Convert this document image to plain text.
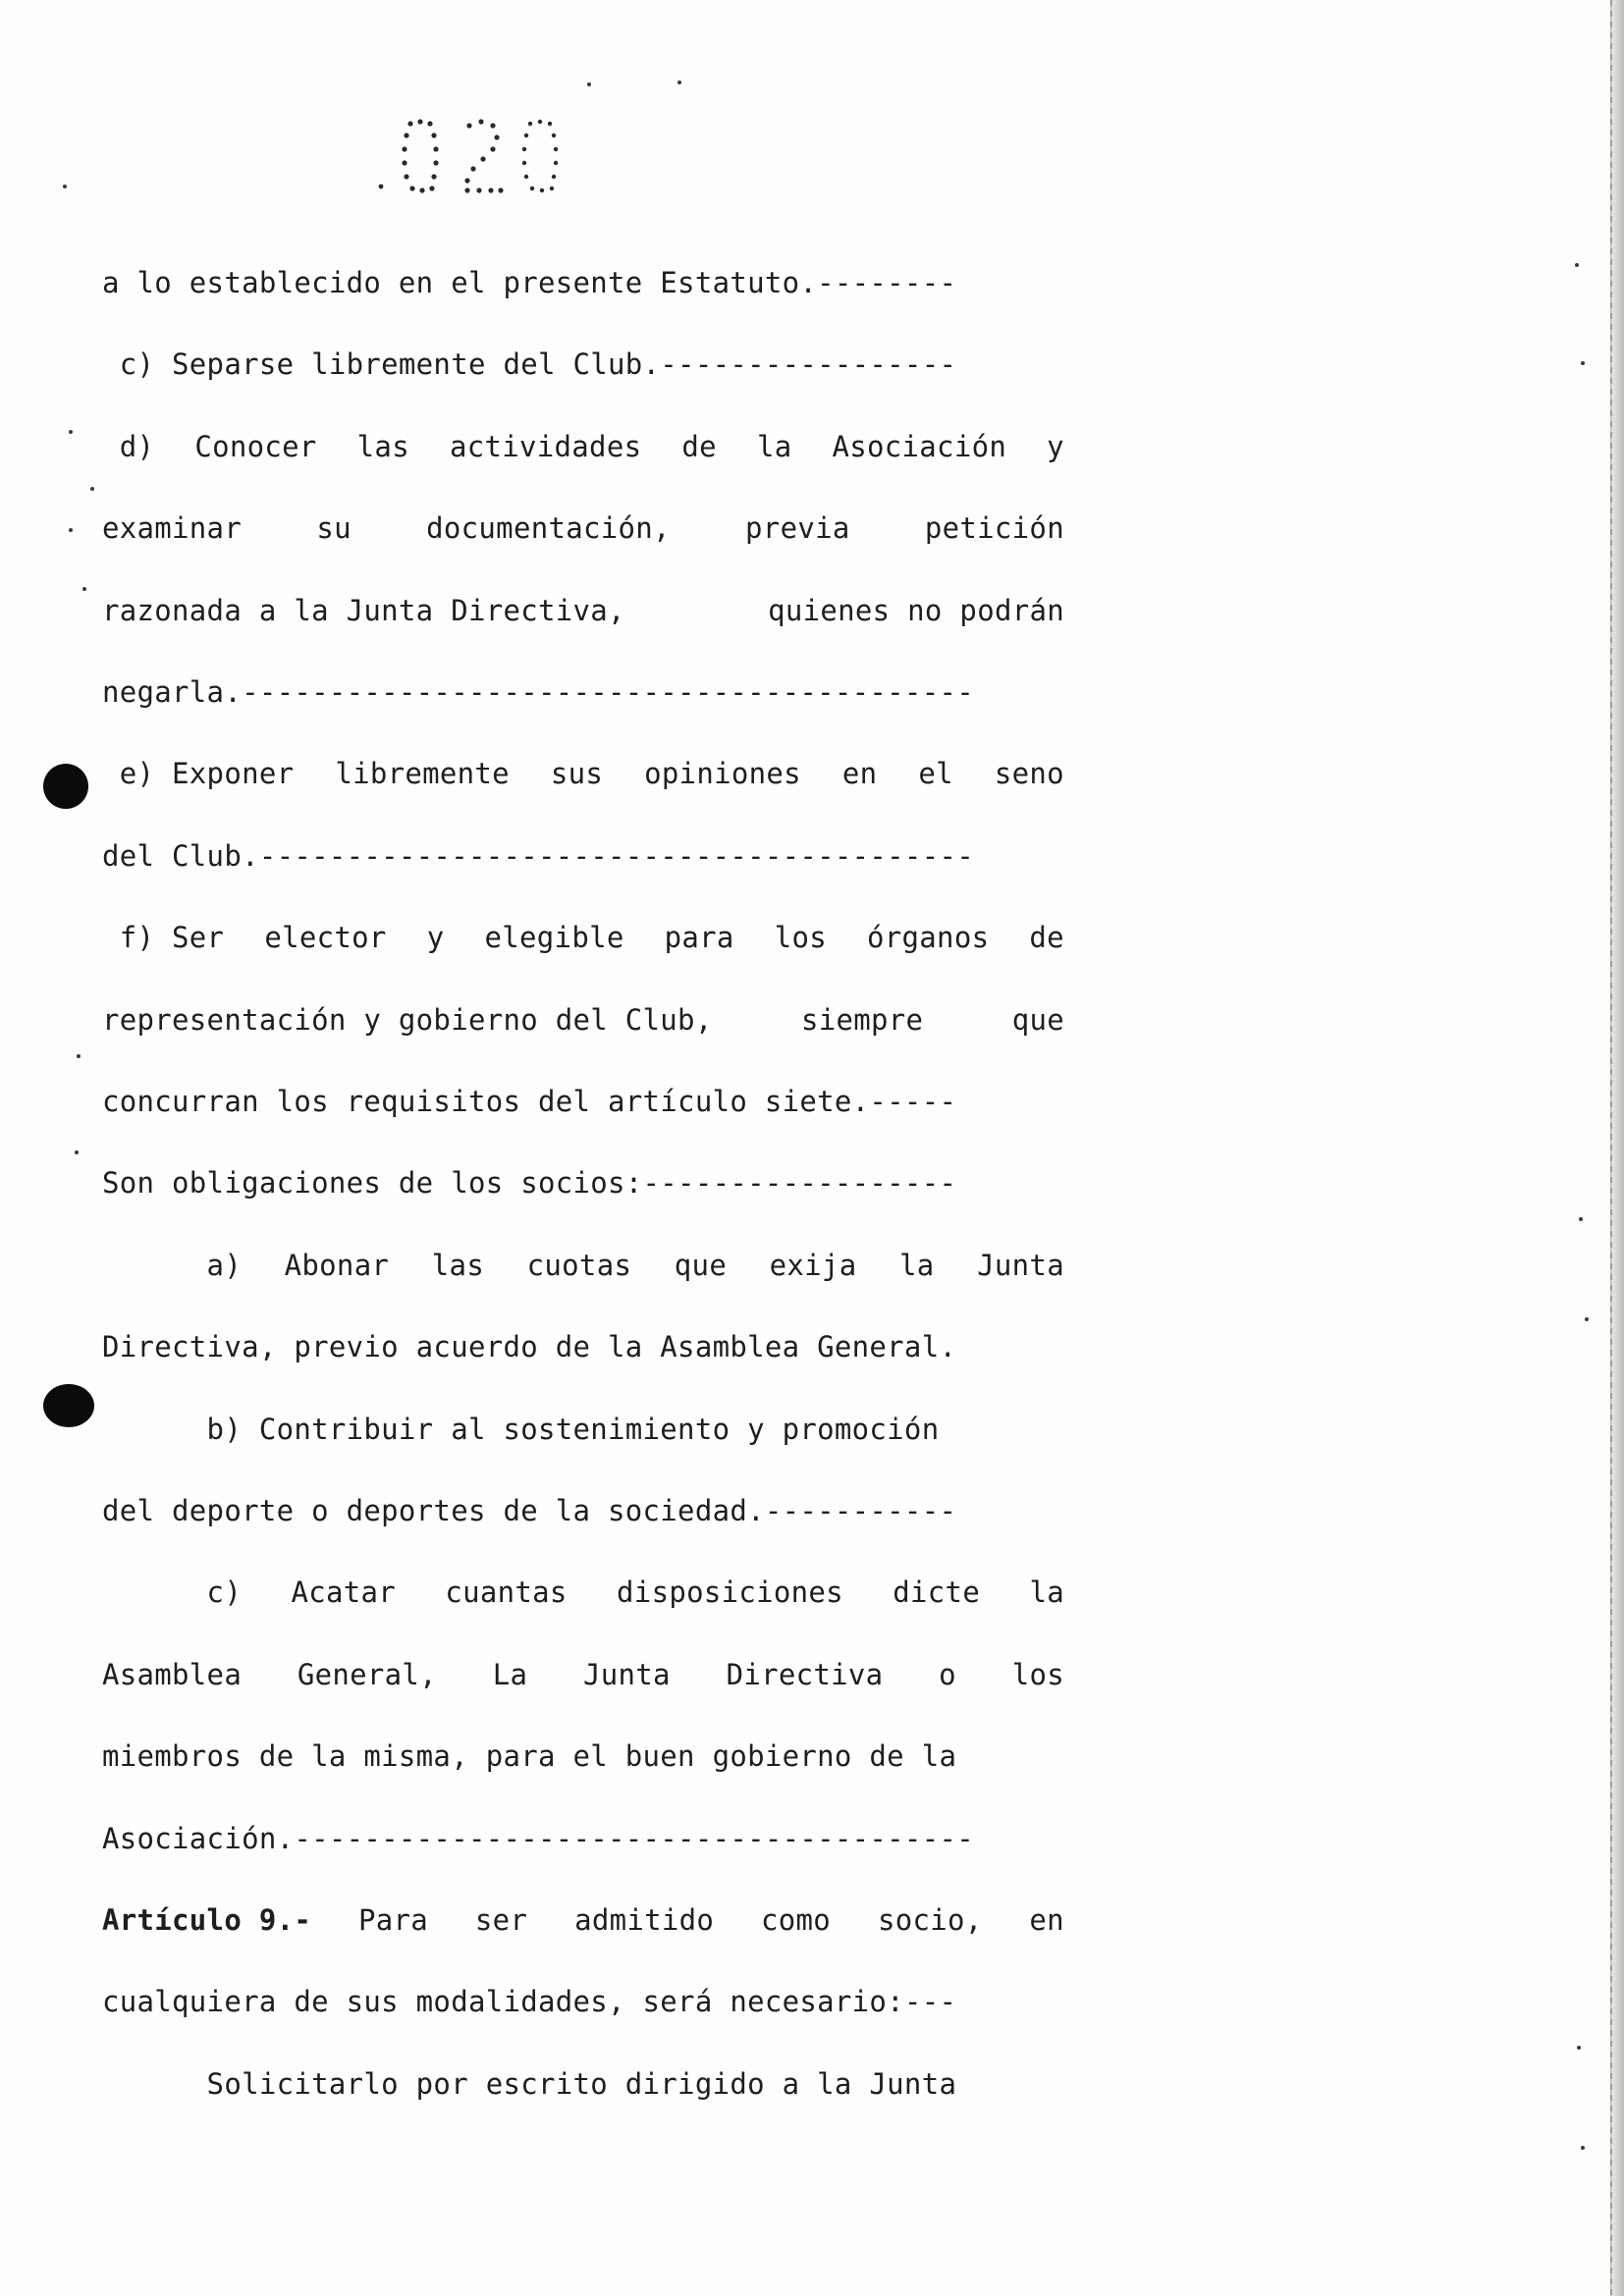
a lo establecido en el presente Estatuto.--------
c) Separse libremente del Club.-----------------
d) Conocer las actividades de la Asociación y
examinar	su	documentación,	previa	petición
razonada a la Junta Directiva,	quienes no podrán
negarla.------------------------------------------
e) Exponer libremente sus opiniones en el seno
del Club.-----------------------------------------
f) Ser elector y elegible para los órganos de
representación y gobierno del Club,	siempre	que
concurran los requisitos del artículo siete.-----
Son obligaciones de los socios:------------------
a) Abonar las cuotas que exija la Junta
Directiva, previo acuerdo de la Asamblea General.
b) Contribuir al sostenimiento y promoción
del deporte o deportes de la sociedad.-----------
c) Acatar cuantas disposiciones dicte la
Asamblea General, La Junta Directiva o los
miembros de la misma, para el buen gobierno de la
Asociación.---------------------------------------
Artículo 9.- Para ser admitido como socio, en
cualquiera de sus modalidades, será necesario:---
Solicitarlo por escrito dirigido a la Junta
